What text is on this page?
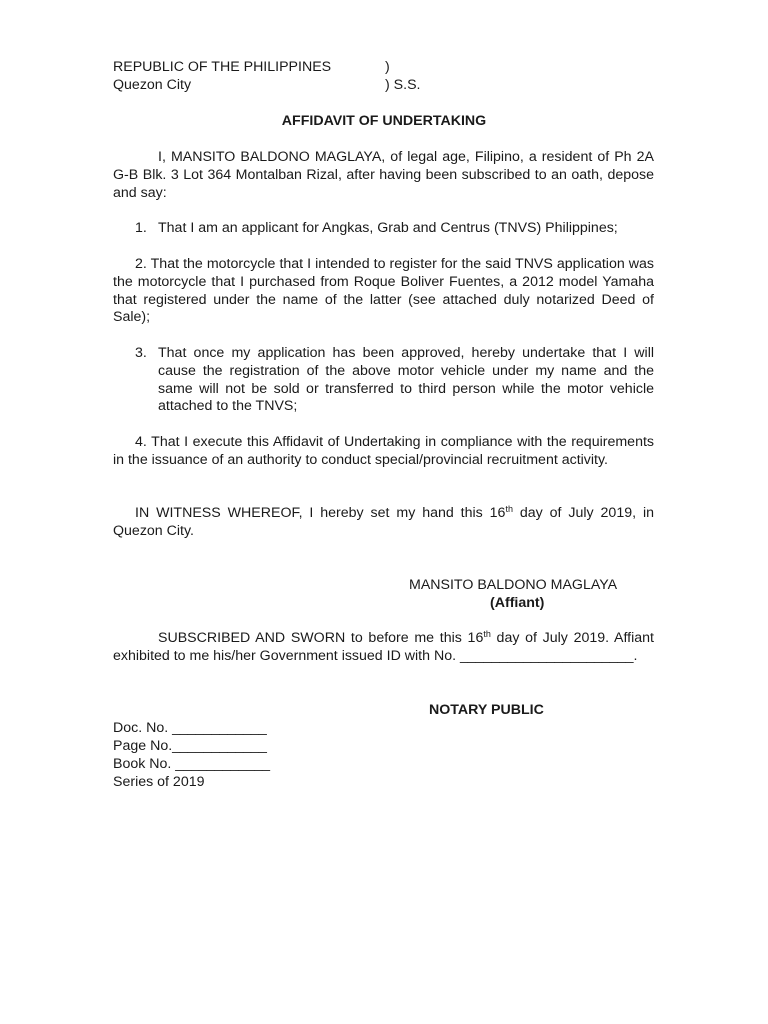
REPUBLIC OF THE PHILIPPINES	)
Quezon City	) S.S.
AFFIDAVIT OF UNDERTAKING
I, MANSITO BALDONO MAGLAYA, of legal age, Filipino, a resident of Ph 2A G-B Blk. 3 Lot 364 Montalban Rizal, after having been subscribed to an oath, depose and say:
1. That I am an applicant for Angkas, Grab and Centrus (TNVS) Philippines;
2. That the motorcycle that I intended to register for the said TNVS application was the motorcycle that I purchased from Roque Boliver Fuentes, a 2012 model Yamaha that registered under the name of the latter (see attached duly notarized Deed of Sale);
3. That once my application has been approved, hereby undertake that I will cause the registration of the above motor vehicle under my name and the same will not be sold or transferred to third person while the motor vehicle attached to the TNVS;
4. That I execute this Affidavit of Undertaking in compliance with the requirements in the issuance of an authority to conduct special/provincial recruitment activity.
IN WITNESS WHEREOF, I hereby set my hand this 16th day of July 2019, in Quezon City.
MANSITO BALDONO MAGLAYA
(Affiant)
SUBSCRIBED AND SWORN to before me this 16th day of July 2019. Affiant exhibited to me his/her Government issued ID with No. ______________________.
NOTARY PUBLIC
Doc. No. ____________
Page No.____________
Book No. ____________
Series of 2019
